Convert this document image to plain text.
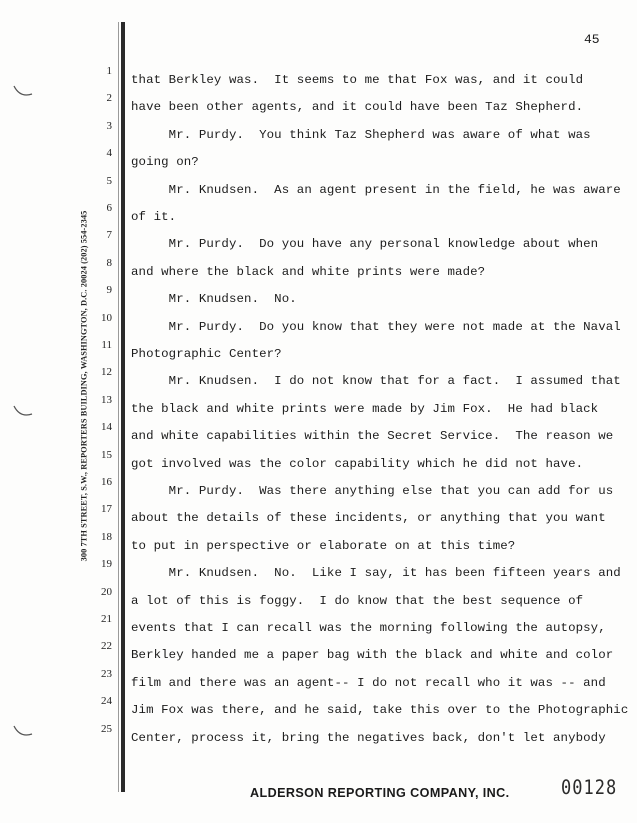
45
300 7TH STREET, S.W., REPORTERS BUILDING, WASHINGTON, D.C. 20024 (202) 554-2345
1
that Berkley was.  It seems to me that Fox was, and it could
2
have been other agents, and it could have been Taz Shepherd.
3
Mr. Purdy.  You think Taz Shepherd was aware of what was
4
going on?
5
Mr. Knudsen.  As an agent present in the field, he was aware
6
of it.
7
Mr. Purdy.  Do you have any personal knowledge about when
8
and where the black and white prints were made?
9
Mr. Knudsen.  No.
10
Mr. Purdy.  Do you know that they were not made at the Naval
11
Photographic Center?
12
Mr. Knudsen.  I do not know that for a fact.  I assumed that
13
the black and white prints were made by Jim Fox.  He had black
14
and white capabilities within the Secret Service.  The reason we
15
got involved was the color capability which he did not have.
16
Mr. Purdy.  Was there anything else that you can add for us
17
about the details of these incidents, or anything that you want
18
to put in perspective or elaborate on at this time?
19
Mr. Knudsen.  No.  Like I say, it has been fifteen years and
20
a lot of this is foggy.  I do know that the best sequence of
21
events that I can recall was the morning following the autopsy,
22
Berkley handed me a paper bag with the black and white and color
23
film and there was an agent-- I do not recall who it was -- and
24
Jim Fox was there, and he said, take this over to the Photographic
25
Center, process it, bring the negatives back, don't let anybody
ALDERSON REPORTING COMPANY, INC.	00128
